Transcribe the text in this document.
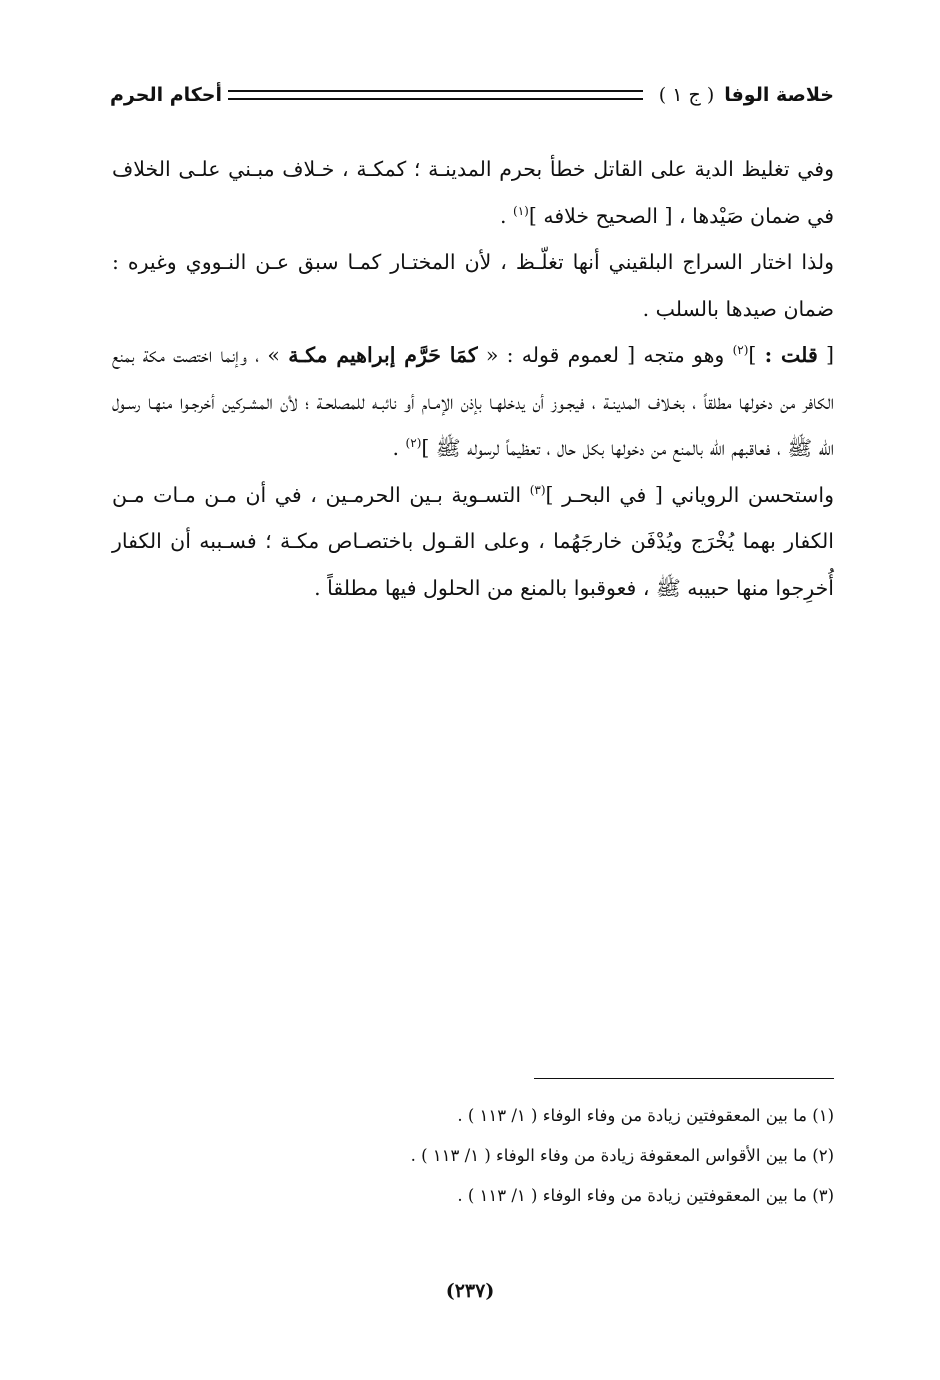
خلاصة الوفا
( ج ١ )
أحكام الحرم

وفي تغليظ الدية على القاتل خطأ بحرم المدينـة ؛ كمكـة ، خـلاف مبـني علـى الخلاف في ضمان صَيْدها ، [ الصحيح خلافه ]$^{(١)}$ .

ولذا اختار السراج البلقيني أنها تغلّـظ ، لأن المختـار كمـا سبق عـن النـووي وغيره : ضمان صيدها بالسلب .

[ قلت : ]$^{(٢)}$ وهو متجه [ لعموم قوله : « كمَا حَرَّم إبراهيم مكـة » ، وإنما اختصت مكة بمنع الكافر من دخولها مطلقاً ، بخـلاف المدينـة ، فيجـوز أن يدخلهـا بإذن الإمـام أو نائبـه للمصلحـة ؛ لأن المشـركين أخرجـوا منهـا رسـول الله ﷺ ، فعاقبهم الله بالمنع من دخولها بكل حال ، تعظيماً لرسوله ﷺ ]$^{(٢)}$ .

واستحسن الروياني [ في البحـر ]$^{(٣)}$ التسـوية بـين الحرمـين ، في أن مـن مـات مـن الكفار بهما يُخْرَج ويُدْفَن خارجَهُما ، وعلى القـول باختصـاص مكـة ؛ فسـببه أن الكفار أُخرِجوا منها حبيبه ﷺ ، فعوقبوا بالمنع من الحلول فيها مطلقاً .

(١) ما بين المعقوفتين زيادة من وفاء الوفاء ( ١/ ١١٣ ) .

(٢) ما بين الأقواس المعقوفة زيادة من وفاء الوفاء ( ١/ ١١٣ ) .

(٣) ما بين المعقوفتين زيادة من وفاء الوفاء ( ١/ ١١٣ ) .

(٢٣٧)
